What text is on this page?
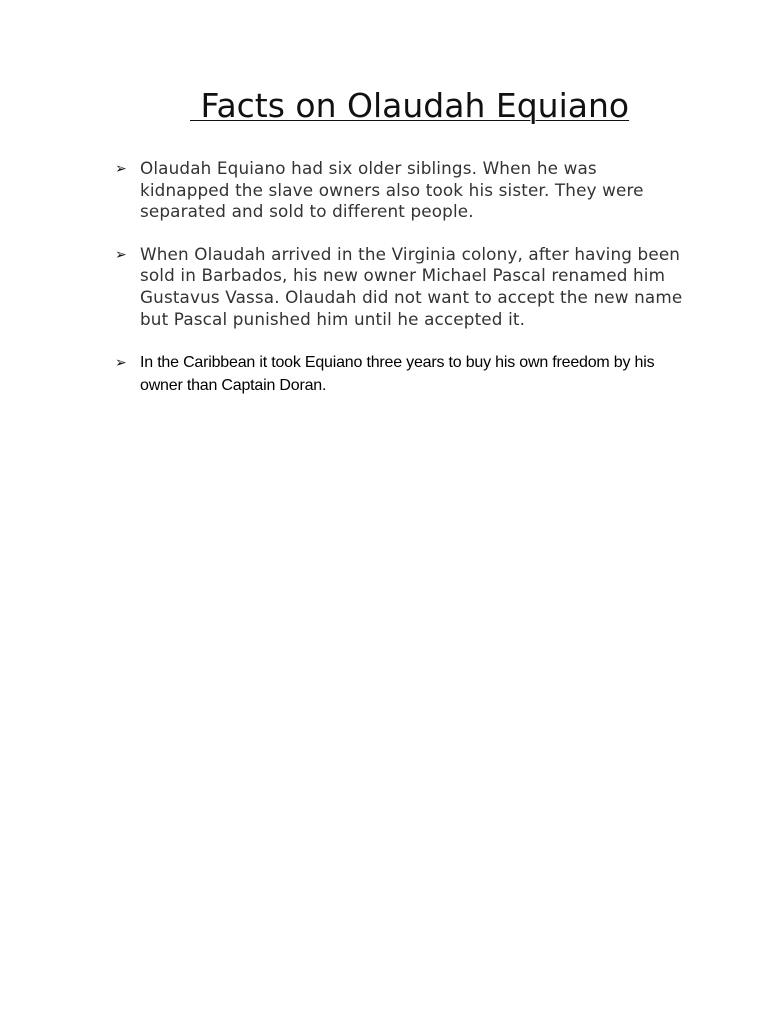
Facts on Olaudah Equiano
➢ Olaudah Equiano had six older siblings. When he was kidnapped the slave owners also took his sister. They were separated and sold to different people.
➢ When Olaudah arrived in the Virginia colony, after having been sold in Barbados, his new owner Michael Pascal renamed him Gustavus Vassa. Olaudah did not want to accept the new name but Pascal punished him until he accepted it.
➢ In the Caribbean it took Equiano three years to buy his own freedom by his owner than Captain Doran.
